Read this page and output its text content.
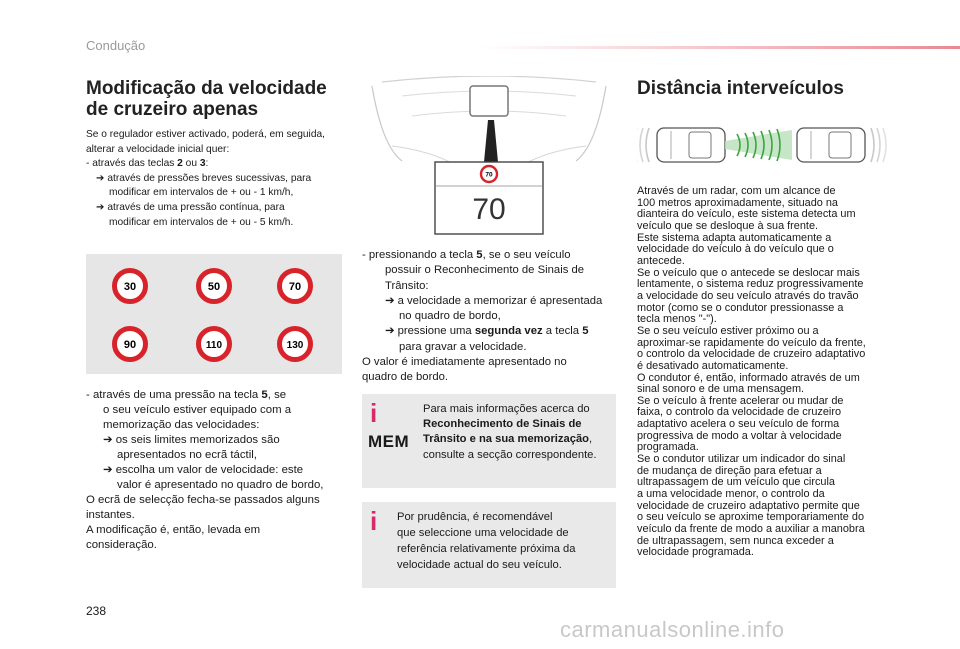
Condução
Modificação da velocidade
de cruzeiro apenas

Se o regulador estiver activado, poderá, em seguida,

alterar a velocidade inicial quer:

- através das teclas 2 ou 3:

➔ através de pressões breves sucessivas, para

modificar em intervalos de + ou - 1 km/h,

➔ através de uma pressão contínua, para

modificar em intervalos de + ou - 5 km/h.

30	50	70
90	110	130

- através de uma pressão na tecla 5, se

o seu veículo estiver equipado com a

memorização das velocidades:

➔ os seis limites memorizados são

apresentados no ecrã táctil,

➔ escolha um valor de velocidade: este

valor é apresentado no quadro de bordo,

O ecrã de selecção fecha-se passados alguns

instantes.

A modificação é, então, levada em

consideração.

70
70

- pressionando a tecla 5, se o seu veículo

possuir o Reconhecimento de Sinais de

Trânsito:

➔ a velocidade a memorizar é apresentada

no quadro de bordo,

➔ pressione uma segunda vez a tecla 5

para gravar a velocidade.

O valor é imediatamente apresentado no

quadro de bordo.

i
MEM

Para mais informações acerca do

Reconhecimento de Sinais de

Trânsito e na sua memorização,

consulte a secção correspondente.

i Por prudência, é recomendável

que seleccione uma velocidade de

referência relativamente próxima da

velocidade actual do seu veículo.

Distância interveículos

Através de um radar, com um alcance de

100 metros aproximadamente, situado na

dianteira do veículo, este sistema detecta um

veículo que se desloque à sua frente.

Este sistema adapta automaticamente a

velocidade do veículo à do veículo que o

antecede.

Se o veículo que o antecede se deslocar mais

lentamente, o sistema reduz progressivamente

a velocidade do seu veículo através do travão

motor (como se o condutor pressionasse a

tecla menos "-").

Se o seu veículo estiver próximo ou a

aproximar-se rapidamente do veículo da frente,

o controlo da velocidade de cruzeiro adaptativo

é desativado automaticamente.

O condutor é, então, informado através de um

sinal sonoro e de uma mensagem.

Se o veículo à frente acelerar ou mudar de

faixa, o controlo da velocidade de cruzeiro

adaptativo acelera o seu veículo de forma

progressiva de modo a voltar à velocidade

programada.

Se o condutor utilizar um indicador do sinal

de mudança de direção para efetuar a

ultrapassagem de um veículo que circula

a uma velocidade menor, o controlo da

velocidade de cruzeiro adaptativo permite que

o seu veículo se aproxime temporariamente do

veículo da frente de modo a auxiliar a manobra

de ultrapassagem, sem nunca exceder a

velocidade programada.

238
carmanualsonline.info
